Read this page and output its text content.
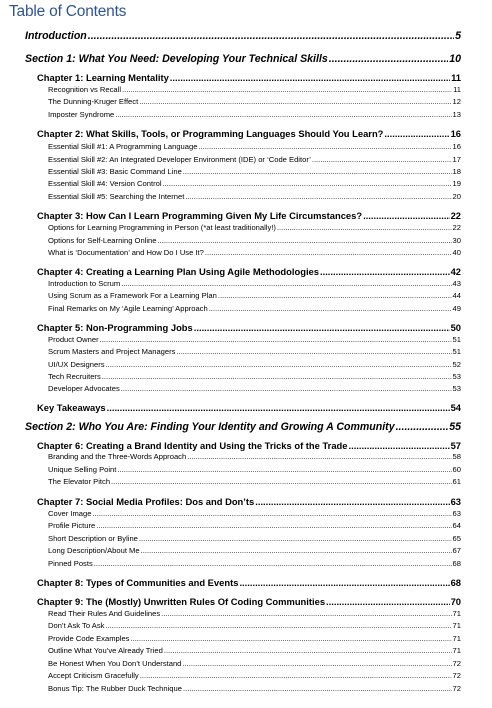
Table of Contents
Introduction .....	5
Section 1: What You Need: Developing Your Technical Skills .....	10
Chapter 1: Learning Mentality .....	11
Recognition vs Recall .....	11
The Dunning-Kruger Effect .....	12
Imposter Syndrome .....	13
Chapter 2: What Skills, Tools, or Programming Languages Should You Learn? .....	16
Essential Skill #1: A Programming Language .....	16
Essential Skill #2: An Integrated Developer Environment (IDE) or ‘Code Editor’ .....	17
Essential Skill #3: Basic Command Line .....	18
Essential Skill #4: Version Control .....	19
Essential Skill #5: Searching the Internet .....	20
Chapter 3: How Can I Learn Programming Given My Life Circumstances? .....	22
Options for Learning Programming in Person (*at least traditionally!) .....	22
Options for Self-Learning Online .....	30
What is ‘Documentation’ and How Do I Use It? .....	40
Chapter 4: Creating a Learning Plan Using Agile Methodologies .....	42
Introduction to Scrum .....	43
Using Scrum as a Framework For a Learning Plan .....	44
Final Remarks on My ‘Agile Learning’ Approach .....	49
Chapter 5: Non-Programming Jobs .....	50
Product Owner .....	51
Scrum Masters and Project Managers .....	51
UI/UX Designers .....	52
Tech Recruiters .....	53
Developer Advocates .....	53
Key Takeaways .....	54
Section 2: Who You Are: Finding Your Identity and Growing A Community .....	55
Chapter 6: Creating a Brand Identity and Using the Tricks of the Trade .....	57
Branding and the Three-Words Approach .....	58
Unique Selling Point .....	60
The Elevator Pitch .....	61
Chapter 7: Social Media Profiles: Dos and Don’ts .....	63
Cover Image .....	63
Profile Picture .....	64
Short Description or Byline .....	65
Long Description/About Me .....	67
Pinned Posts .....	68
Chapter 8: Types of Communities and Events .....	68
Chapter 9: The (Mostly) Unwritten Rules Of Coding Communities .....	70
Read Their Rules And Guidelines .....	71
Don’t Ask To Ask .....	71
Provide Code Examples .....	71
Outline What You’ve Already Tried .....	71
Be Honest When You Don’t Understand .....	72
Accept Criticism Gracefully .....	72
Bonus Tip: The Rubber Duck Technique .....	72
